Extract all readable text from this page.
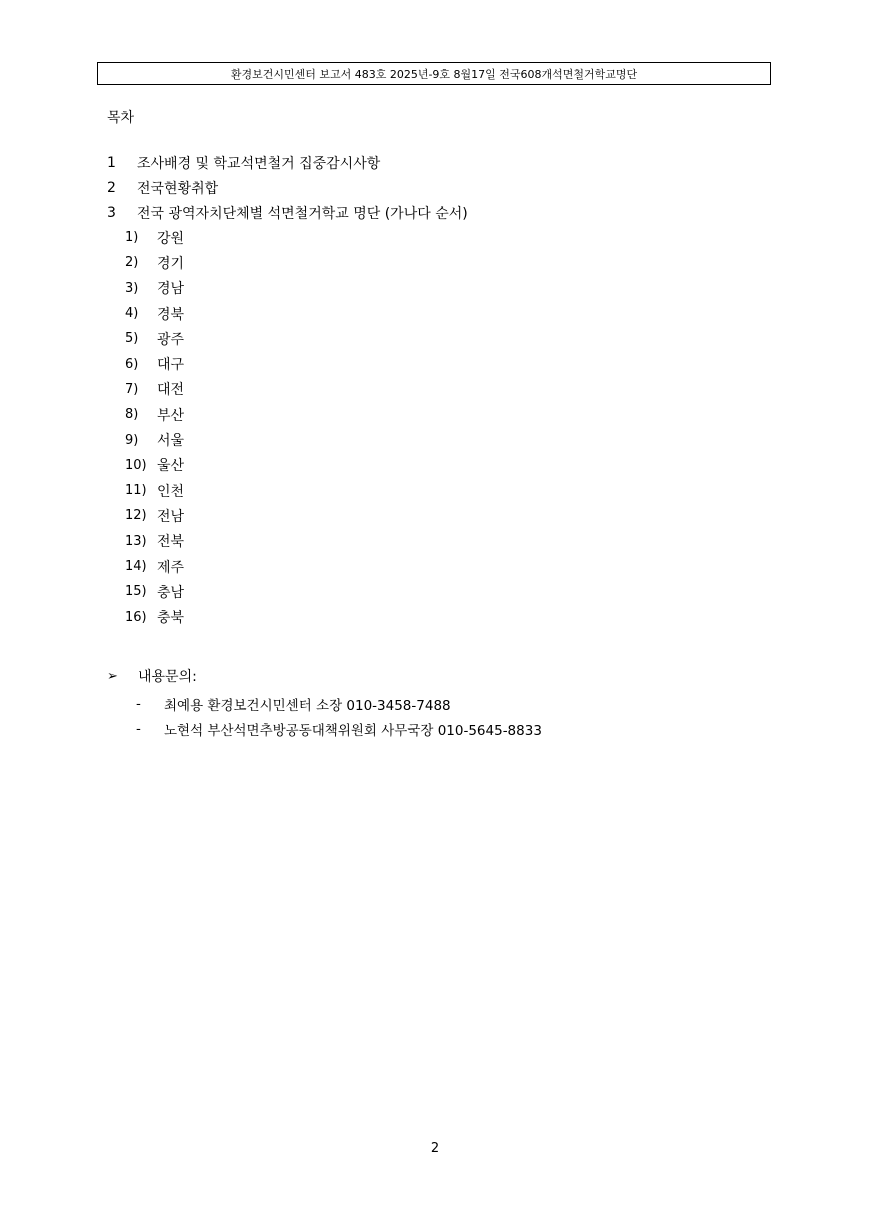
환경보건시민센터 보고서 483호 2025년-9호 8월17일 전국608개석면철거학교명단
목차
1	조사배경 및 학교석면철거 집중감시사항
2	전국현황취합
3	전국 광역자치단체별 석면철거학교 명단 (가나다 순서)
1)	강원
2)	경기
3)	경남
4)	경북
5)	광주
6)	대구
7)	대전
8)	부산
9)	서울
10) 울산
11) 인천
12) 전남
13) 전북
14) 제주
15) 충남
16) 충북
➢	내용문의:
-	최예용 환경보건시민센터 소장 010-3458-7488
-	노현석 부산석면추방공동대책위원회 사무국장 010-5645-8833
2
